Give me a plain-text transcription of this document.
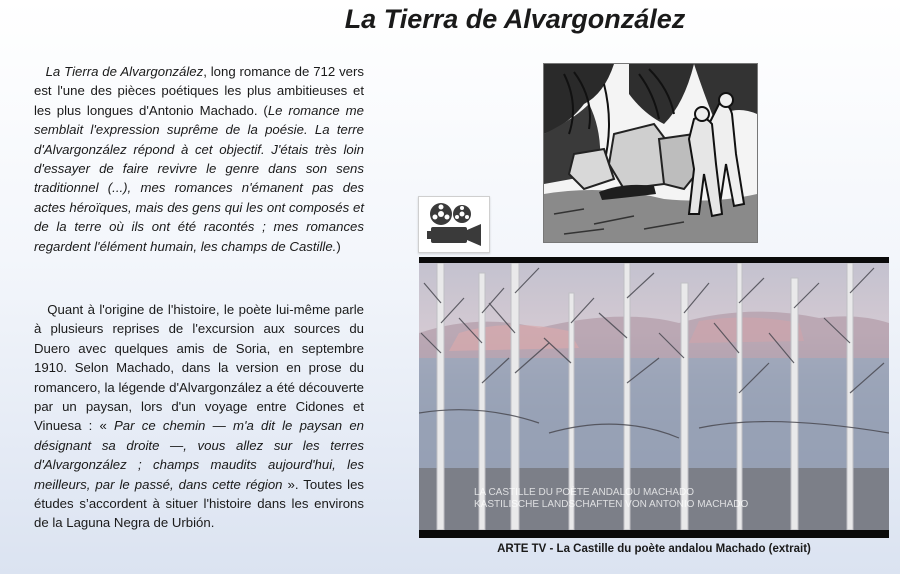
La Tierra de Alvargonzález

La Tierra de Alvargonzález, long romance de 712 vers est l'une des pièces poétiques les plus ambitieuses et les plus longues d'Antonio Machado. (Le romance me semblait l'expression suprême de la poésie. La terre d'Alvargonzález répond à cet objectif. J'étais très loin d'essayer de faire revivre le genre dans son sens traditionnel (...), mes romances n'émanent pas des actes héroïques, mais des gens qui les ont composés et de la terre où ils ont été racontés ; mes romances regardent l'élément humain, les champs de Castille.)

Quant à l'origine de l'histoire, le poète lui-même parle à plusieurs reprises de l'excursion aux sources du Duero avec quelques amis de Soria, en septembre 1910. Selon Machado, dans la version en prose du romancero, la légende d'Alvargonzález a été découverte par un paysan, lors d'un voyage entre Cidones et Vinuesa : « Par ce chemin — m'a dit le paysan en désignant sa droite —, vous allez sur les terres d'Alvargonzález ; champs maudits aujourd'hui, les meilleurs, par le passé, dans cette région ». Toutes les études s’accordent à situer l'histoire dans les environs de la Laguna Negra de Urbión.

LA CASTILLE DU POÈTE ANDALOU MACHADO
KASTILISCHE LANDSCHAFTEN VON ANTONIO MACHADO

ARTE TV - La Castille du poète andalou Machado (extrait)
